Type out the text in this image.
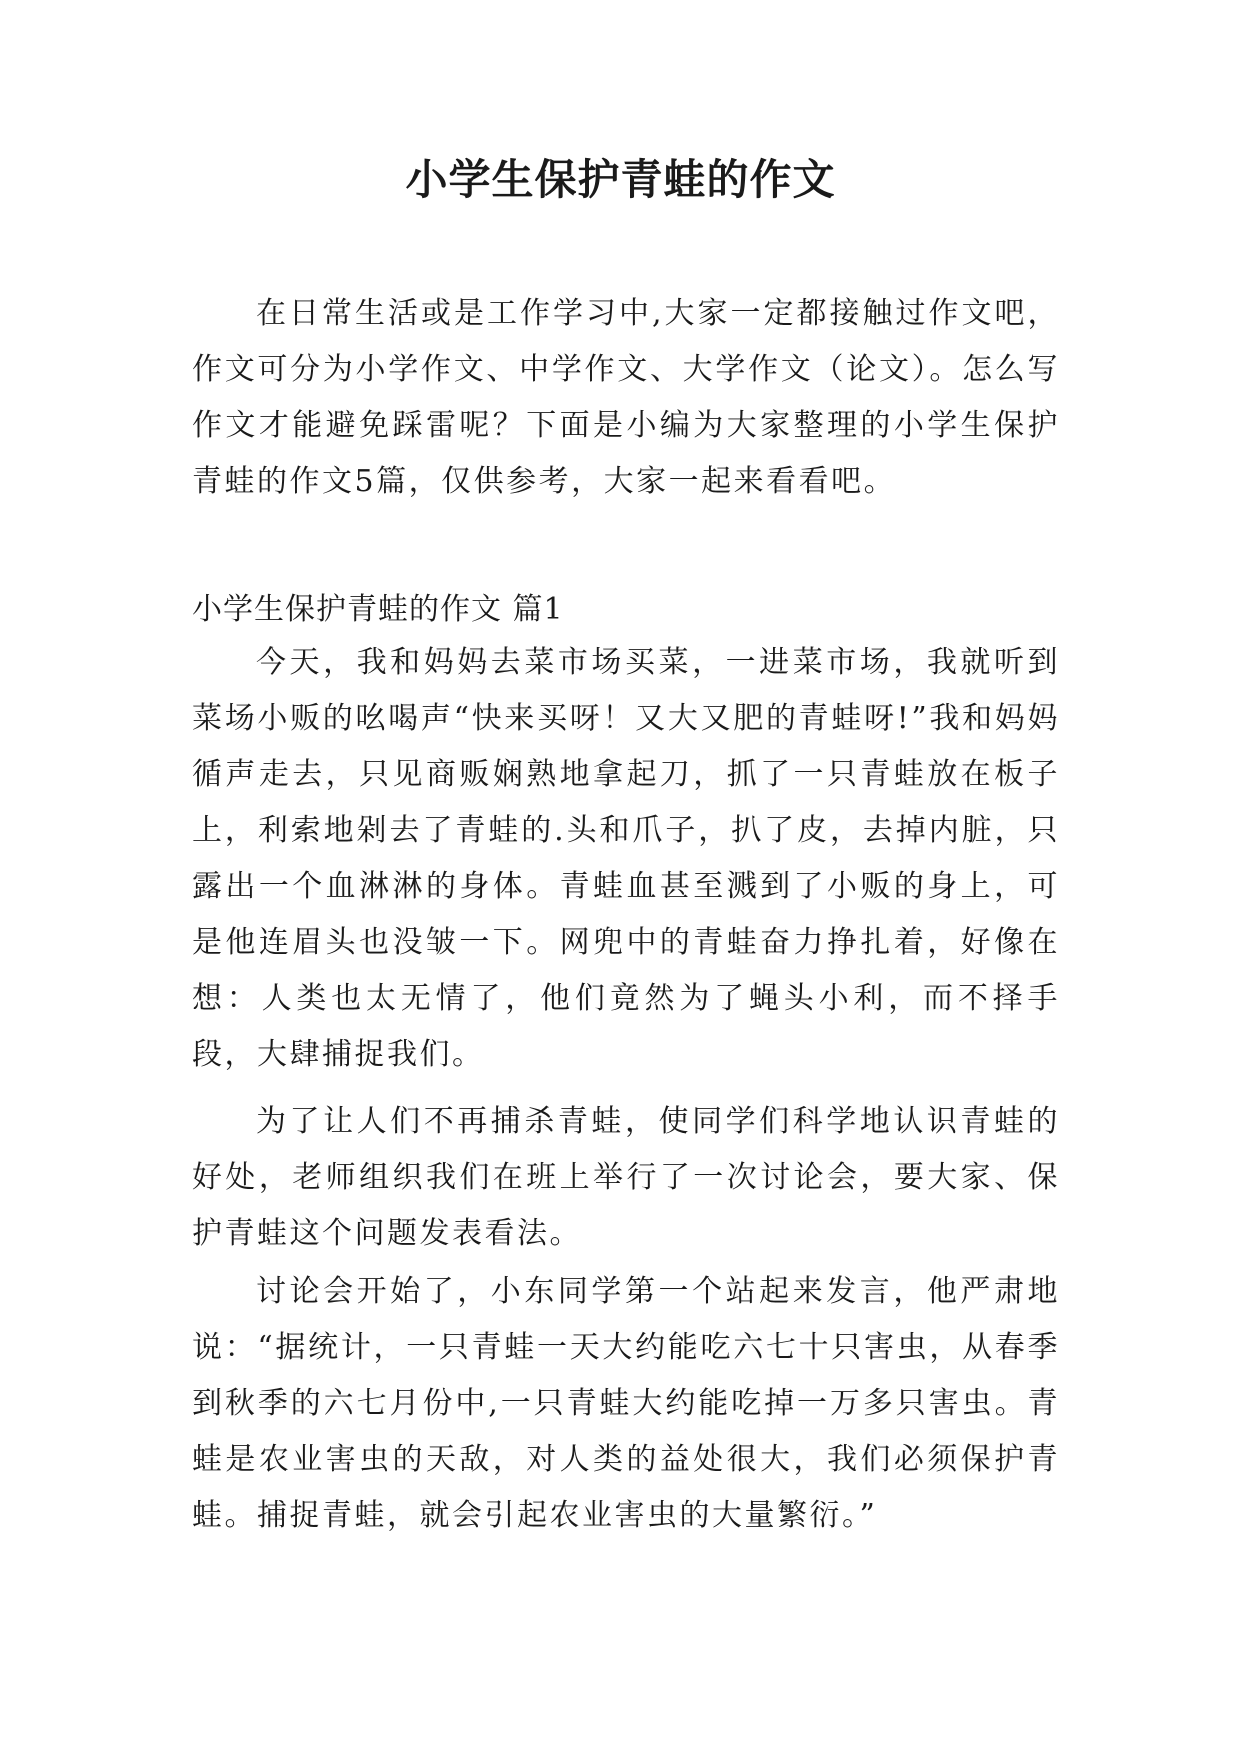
小学生保护青蛙的作文

在日常生活或是工作学习中,大家一定都接触过作文吧，作文可分为小学作文、中学作文、大学作文（论文）。怎么写作文才能避免踩雷呢？下面是小编为大家整理的小学生保护青蛙的作文5篇，仅供参考，大家一起来看看吧。

小学生保护青蛙的作文 篇1

今天，我和妈妈去菜市场买菜，一进菜市场，我就听到菜场小贩的吆喝声“快来买呀！又大又肥的青蛙呀!”我和妈妈循声走去，只见商贩娴熟地拿起刀，抓了一只青蛙放在板子上，利索地剁去了青蛙的.头和爪子，扒了皮，去掉内脏，只露出一个血淋淋的身体。青蛙血甚至溅到了小贩的身上，可是他连眉头也没皱一下。网兜中的青蛙奋力挣扎着，好像在想：人类也太无情了，他们竟然为了蝇头小利，而不择手段，大肆捕捉我们。

为了让人们不再捕杀青蛙，使同学们科学地认识青蛙的好处，老师组织我们在班上举行了一次讨论会，要大家、保护青蛙这个问题发表看法。

讨论会开始了，小东同学第一个站起来发言，他严肃地说：“据统计，一只青蛙一天大约能吃六七十只害虫，从春季到秋季的六七月份中,一只青蛙大约能吃掉一万多只害虫。青蛙是农业害虫的天敌，对人类的益处很大，我们必须保护青蛙。捕捉青蛙，就会引起农业害虫的大量繁衍。”
